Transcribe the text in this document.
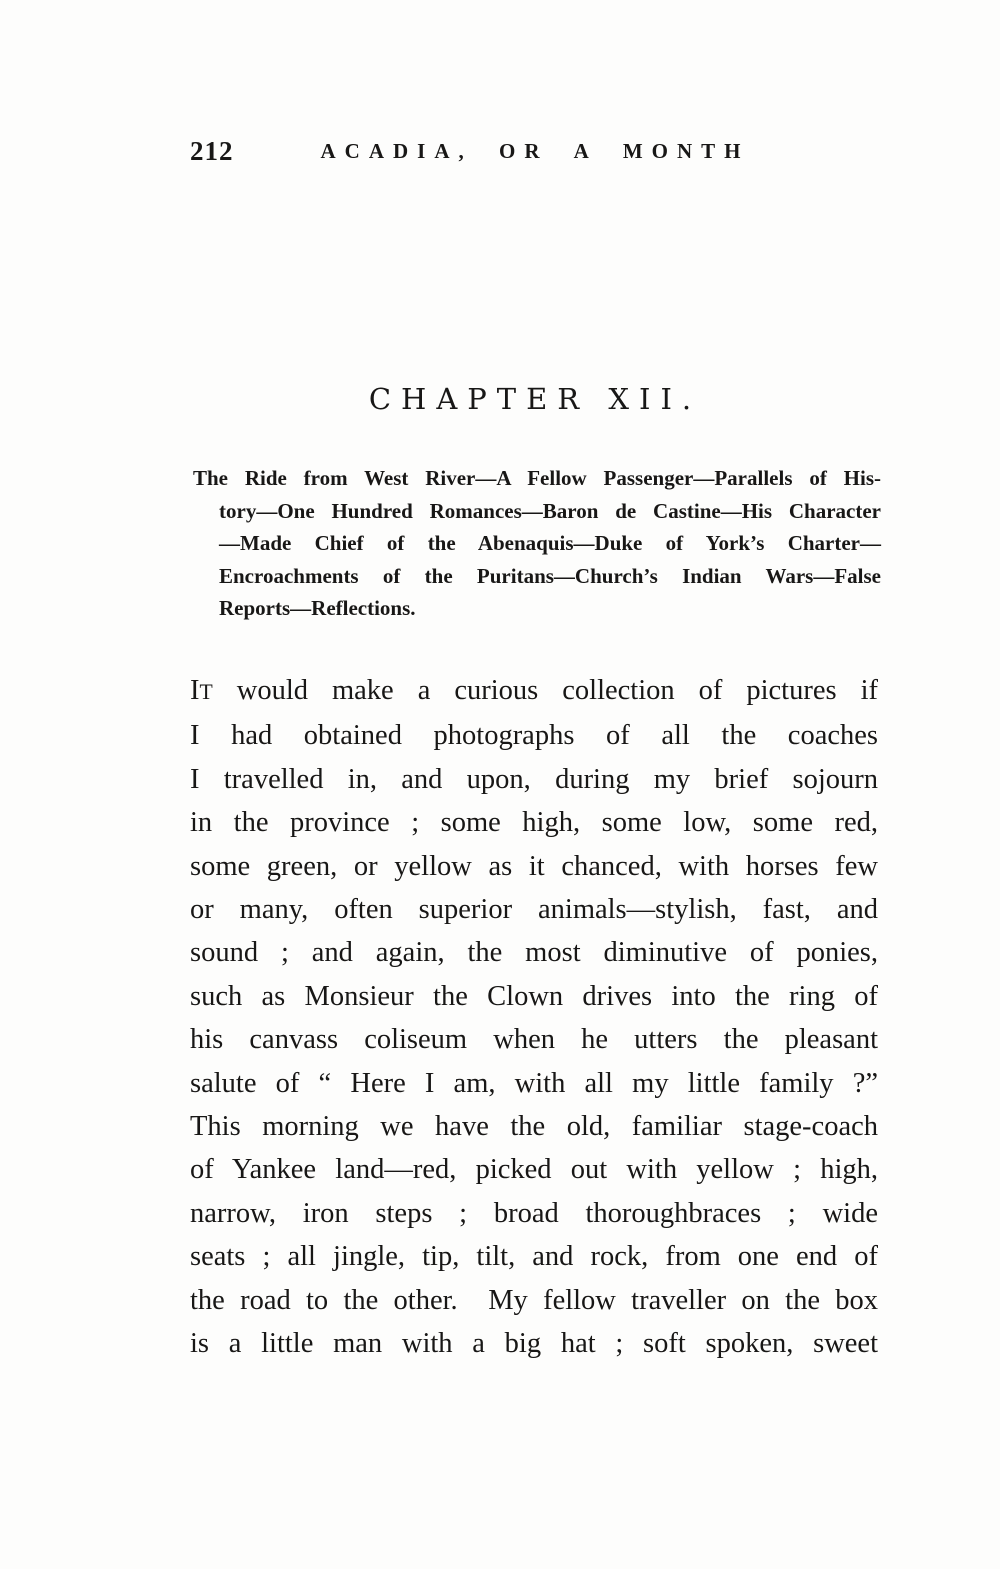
212	ACADIA, OR A MONTH
CHAPTER XII.
The Ride from West River—A Fellow Passenger—Parallels of His-
tory—One Hundred Romances—Baron de Castine—His Character
—Made Chief of the Abenaquis—Duke of York’s Charter—
Encroachments of the Puritans—Church’s Indian Wars—False
Reports—Reflections.
IT would make a curious collection of pictures if
I had obtained photographs of all the coaches
I travelled in, and upon, during my brief sojourn
in the province ; some high, some low, some red,
some green, or yellow as it chanced, with horses few
or many, often superior animals—stylish, fast, and
sound ; and again, the most diminutive of ponies,
such as Monsieur the Clown drives into the ring of
his canvass coliseum when he utters the pleasant
salute of “ Here I am, with all my little family ?”
This morning we have the old, familiar stage-coach
of Yankee land—red, picked out with yellow ; high,
narrow, iron steps ; broad thoroughbraces ; wide
seats ; all jingle, tip, tilt, and rock, from one end of
the road to the other.  My fellow traveller on the box
is a little man with a big hat ; soft spoken, sweet
